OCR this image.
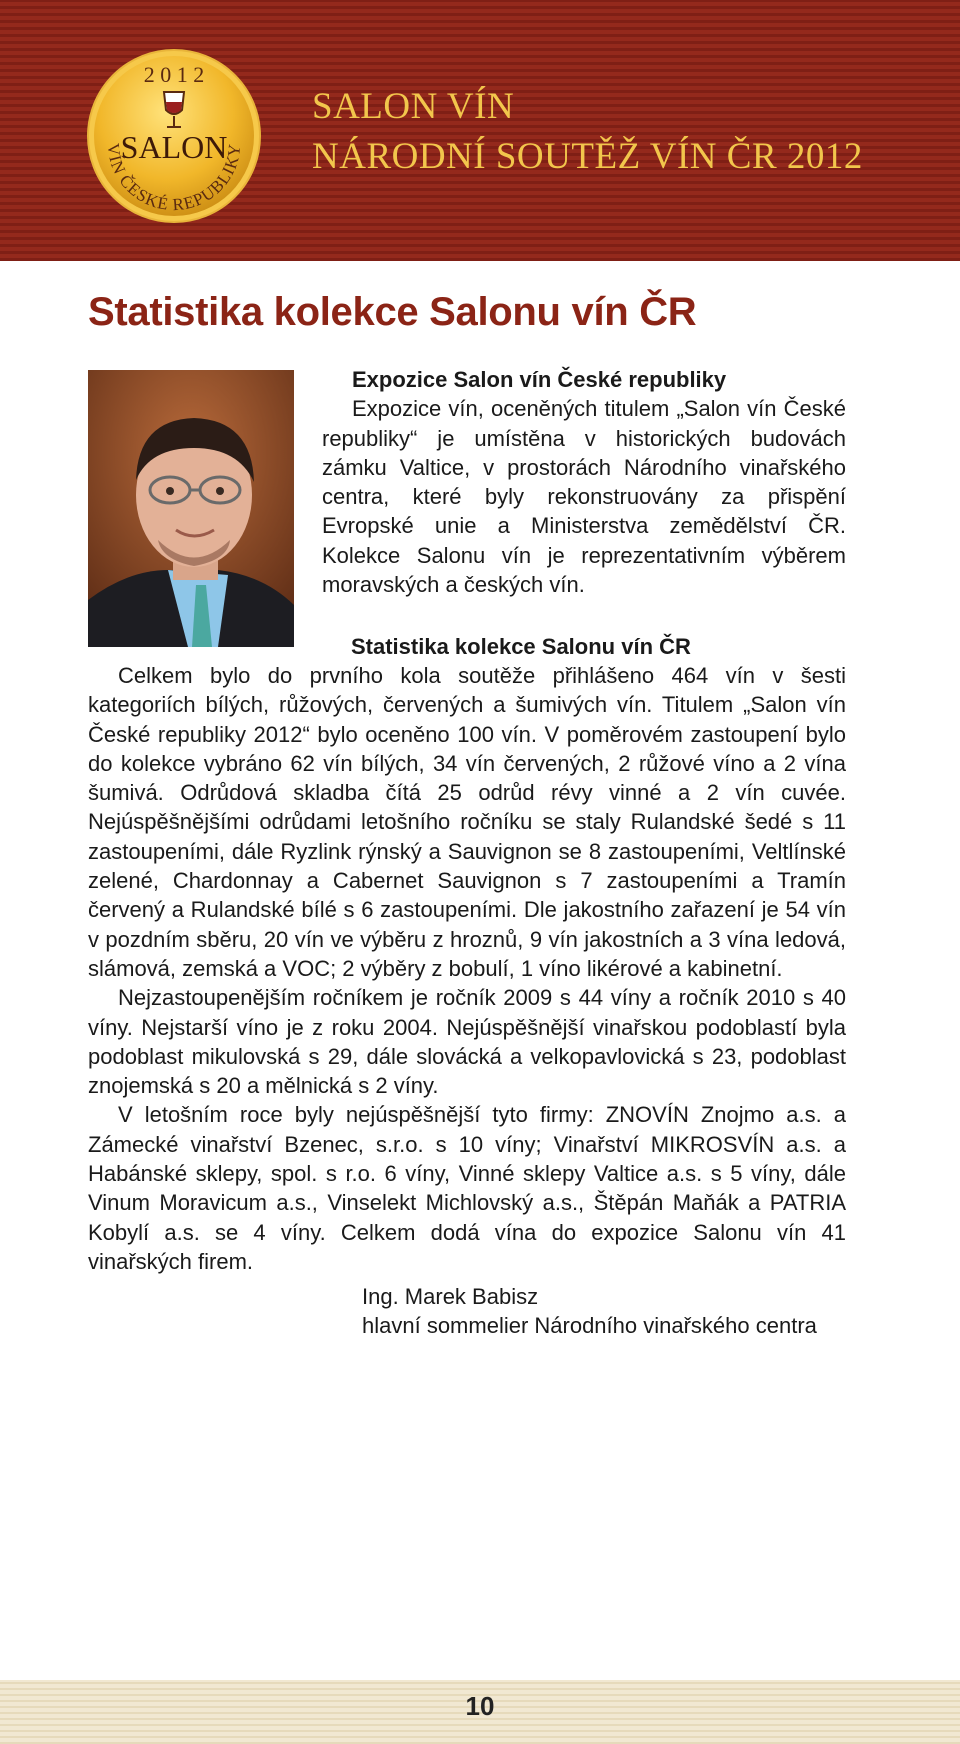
2 0 1 2
SALON
VÍN ČESKÉ REPUBLIKY
SALON VÍN
NÁRODNÍ SOUTĚŽ VÍN ČR 2012
Statistika kolekce Salonu vín ČR
Expozice Salon vín České republiky
Expozice vín, oceněných titulem „Salon vín České republiky“ je umístěna v historických budovách zámku Valtice, v prostorách Národního vinařského centra, které byly rekonstruovány za přispění Evropské unie a Ministerstva zemědělství ČR. Kolekce Salonu vín je reprezentativním výběrem moravských a českých vín.
Statistika kolekce Salonu vín ČR

Celkem bylo do prvního kola soutěže přihlášeno 464 vín v šesti kategoriích bílých, růžových, červených a šumivých vín. Titulem „Salon vín České republiky 2012“ bylo oceněno 100 vín. V poměrovém zastoupení bylo do kolekce vybráno 62 vín bílých, 34 vín červených, 2 růžové víno a 2 vína šumivá. Odrůdová skladba čítá 25 odrůd révy vinné a 2 vín cuvée. Nejúspěšnějšími odrůdami letošního ročníku se staly Rulandské šedé s 11 zastoupeními, dále Ryzlink rýnský a Sauvignon se 8 zastoupeními, Veltlínské zelené, Chardonnay a Cabernet Sauvignon s 7 zastoupeními a Tramín červený a Rulandské bílé s 6 zastoupeními. Dle jakostního zařazení je 54 vín v pozdním sběru, 20 vín ve výběru z hroznů, 9 vín jakostních a 3 vína ledová, slámová, zemská a VOC; 2 výběry z bobulí, 1 víno likérové a kabinetní.

Nejzastoupenějším ročníkem je ročník 2009 s 44 víny a ročník 2010 s 40 víny. Nejstarší víno je z roku 2004. Nejúspěšnější vinařskou podoblastí byla podoblast mikulovská s 29, dále slovácká a velkopavlovická s 23, podoblast znojemská s 20 a mělnická s 2 víny.

V letošním roce byly nejúspěšnější tyto firmy: ZNOVÍN Znojmo a.s. a Zámecké vinařství Bzenec, s.r.o. s 10 víny; Vinařství MIKROSVÍN a.s. a Habánské sklepy, spol. s r.o. 6 víny, Vinné sklepy Valtice a.s. s 5 víny, dále Vinum Moravicum a.s., Vinselekt Michlovský a.s., Štěpán Maňák a PATRIA Kobylí a.s. se 4 víny. Celkem dodá vína do expozice Salonu vín 41 vinařských firem.

Ing. Marek Babisz
hlavní sommelier Národního vinařského centra
10
